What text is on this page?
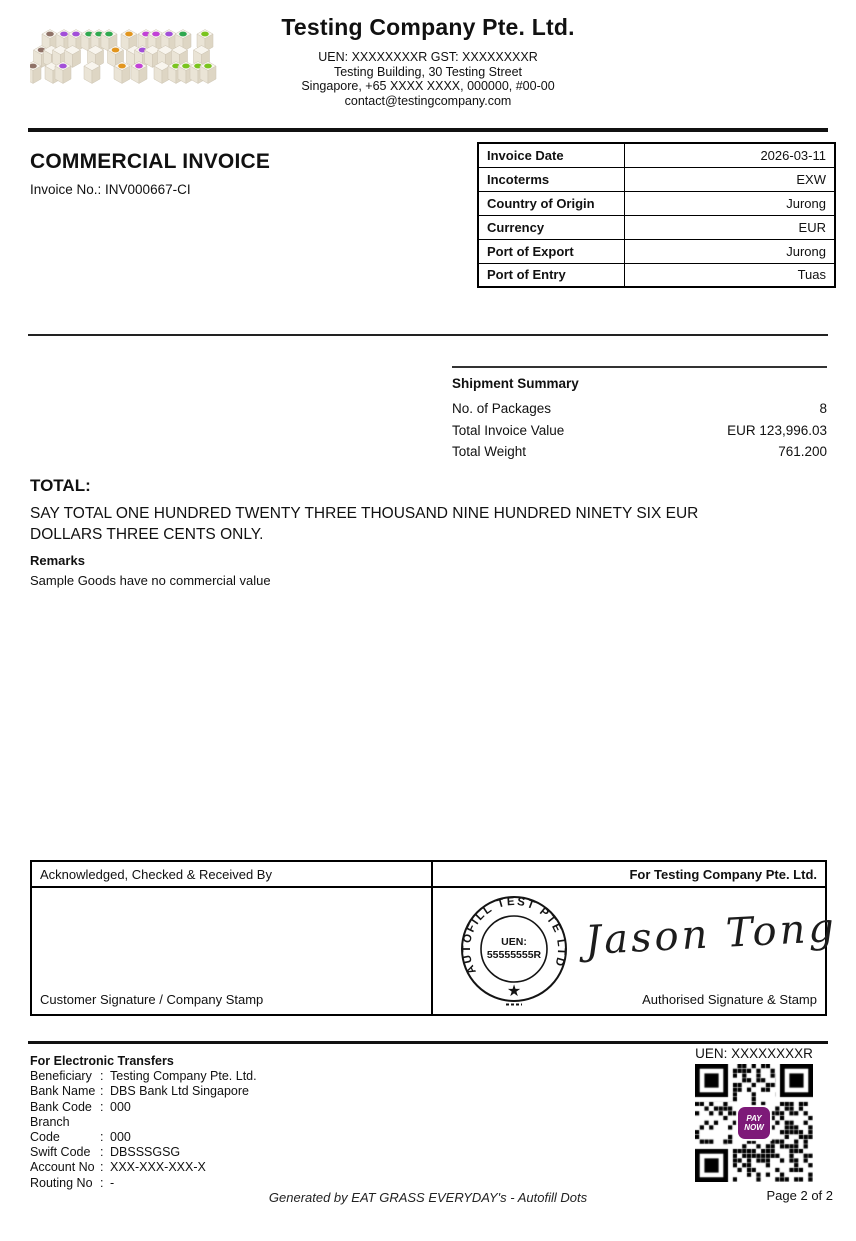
Testing Company Pte. Ltd.
UEN: XXXXXXXXR GST: XXXXXXXXR
Testing Building, 30 Testing Street
Singapore, +65 XXXX XXXX, 000000, #00-00
contact@testingcompany.com
COMMERCIAL INVOICE
Invoice No.: INV000667-CI
Invoice Date	2026-03-11
Incoterms	EXW
Country of Origin	Jurong
Currency	EUR
Port of Export	Jurong
Port of Entry	Tuas
Shipment Summary
No. of Packages	8
Total Invoice Value	EUR 123,996.03
Total Weight	761.200
TOTAL:
SAY TOTAL ONE HUNDRED TWENTY THREE THOUSAND NINE HUNDRED NINETY SIX EUR DOLLARS THREE CENTS ONLY.
Remarks
Sample Goods have no commercial value
Acknowledged, Checked & Received By
Customer Signature / Company Stamp
For Testing Company Pte. Ltd.
AUTOFILL TEST PTE LTD
UEN:
55555555R
★
Jason Tong
Authorised Signature & Stamp
For Electronic Transfers
Beneficiary : Testing Company Pte. Ltd.
Bank Name : DBS Bank Ltd Singapore
Bank Code : 000
Branch Code	: 000
Swift Code : DBSSSGSG
Account No : XXX-XXX-XXX-X
Routing No : -
UEN: XXXXXXXXR
PAY
NOW
Page 2 of 2
Generated by EAT GRASS EVERYDAY's - Autofill Dots
